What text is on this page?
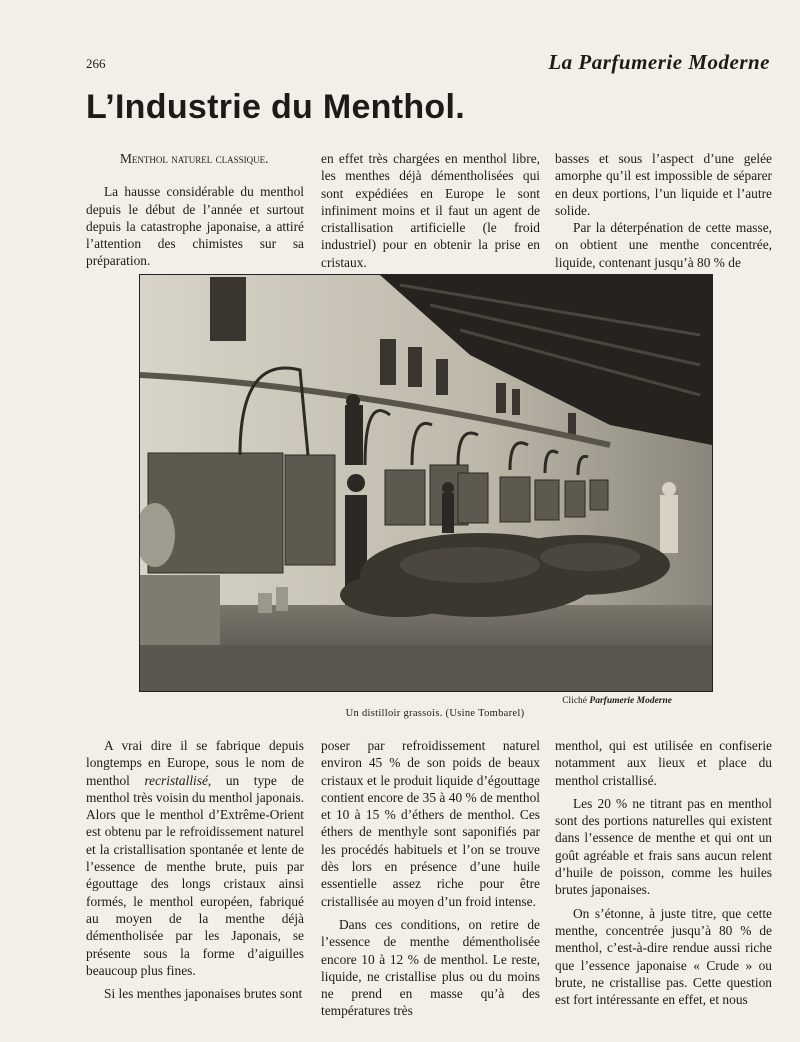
266	La Parfumerie Moderne
L’Industrie du Menthol.

Menthol naturel classique.

La hausse considérable du menthol depuis le début de l’année et surtout depuis la catastrophe japonaise, a attiré l’attention des chimistes sur sa préparation.

en effet très chargées en menthol libre, les menthes déjà démentholisées qui sont expédiées en Europe le sont infiniment moins et il faut un agent de cristallisation artificielle (le froid industriel) pour en obtenir la prise en cristaux.

basses et sous l’aspect d’une gelée amorphe qu’il est impossible de séparer en deux portions, l’un liquide et l’autre solide.

Par la déterpénation de cette masse, on obtient une menthe concentrée, liquide, contenant jusqu’à 80 % de

Cliché Parfumerie Moderne
Un distilloir grassois. (Usine Tombarel)

A vrai dire il se fabrique depuis longtemps en Europe, sous le nom de menthol recristallisé, un type de menthol très voisin du menthol japonais. Alors que le menthol d’Extrême-Orient est obtenu par le refroidissement naturel et la cristallisation spontanée et lente de l’essence de menthe brute, puis par égouttage des longs cristaux ainsi formés, le menthol européen, fabriqué au moyen de la menthe déjà démentholisée par les Japonais, se présente sous la forme d’aiguilles beaucoup plus fines.

Si les menthes japonaises brutes sont

poser par refroidissement naturel environ 45 % de son poids de beaux cristaux et le produit liquide d’égouttage contient encore de 35 à 40 % de menthol et 10 à 15 % d’éthers de menthol. Ces éthers de menthyle sont saponifiés par les procédés habituels et l’on se trouve dès lors en présence d’une huile essentielle assez riche pour être cristallisée au moyen d’un froid intense.

Dans ces conditions, on retire de l’essence de menthe démentholisée encore 10 à 12 % de menthol. Le reste, liquide, ne cristallise plus ou du moins ne prend en masse qu’à des températures très

menthol, qui est utilisée en confiserie notamment aux lieux et place du menthol cristallisé.

Les 20 % ne titrant pas en menthol sont des portions naturelles qui existent dans l’essence de menthe et qui ont un goût agréable et frais sans aucun relent d’huile de poisson, comme les huiles brutes japonaises.

On s’étonne, à juste titre, que cette menthe, concentrée jusqu’à 80 % de menthol, c’est-à-dire rendue aussi riche que l’essence japonaise « Crude » ou brute, ne cristallise pas. Cette question est fort intéressante en effet, et nous
